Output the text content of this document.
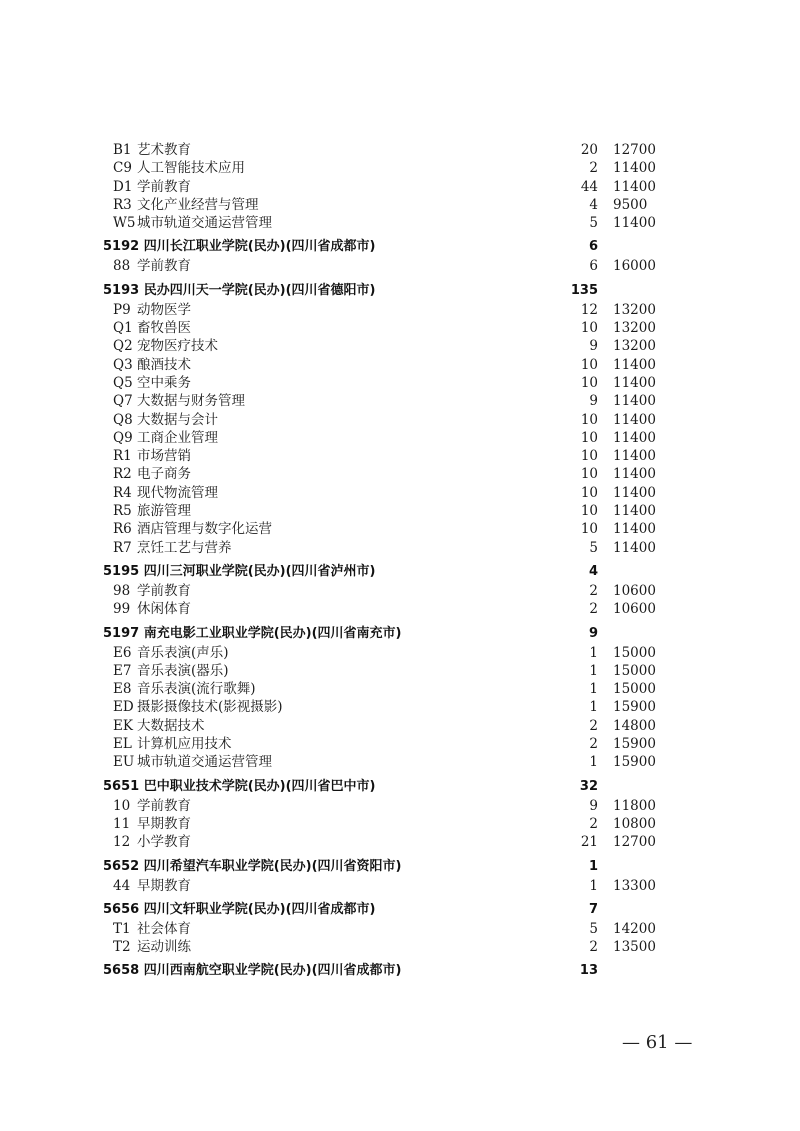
B1 艺术教育	20 12700
C9 人工智能技术应用	2 11400
D1 学前教育	44 11400
R3 文化产业经营与管理	4 9500
W5 城市轨道交通运营管理	5 11400
5192 四川长江职业学院(民办)(四川省成都市)	6
88 学前教育	6 16000
5193 民办四川天一学院(民办)(四川省德阳市)	135
P9 动物医学	12 13200
Q1 畜牧兽医	10 13200
Q2 宠物医疗技术	9 13200
Q3 酿酒技术	10 11400
Q5 空中乘务	10 11400
Q7 大数据与财务管理	9 11400
Q8 大数据与会计	10 11400
Q9 工商企业管理	10 11400
R1 市场营销	10 11400
R2 电子商务	10 11400
R4 现代物流管理	10 11400
R5 旅游管理	10 11400
R6 酒店管理与数字化运营	10 11400
R7 烹饪工艺与营养	5 11400
5195 四川三河职业学院(民办)(四川省泸州市)	4
98 学前教育	2 10600
99 休闲体育	2 10600
5197 南充电影工业职业学院(民办)(四川省南充市)	9
E6 音乐表演(声乐)	1 15000
E7 音乐表演(器乐)	1 15000
E8 音乐表演(流行歌舞)	1 15000
ED 摄影摄像技术(影视摄影)	1 15900
EK 大数据技术	2 14800
EL 计算机应用技术	2 15900
EU 城市轨道交通运营管理	1 15900
5651 巴中职业技术学院(民办)(四川省巴中市)	32
10 学前教育	9 11800
11 早期教育	2 10800
12 小学教育	21 12700
5652 四川希望汽车职业学院(民办)(四川省资阳市)	1
44 早期教育	1 13300
5656 四川文轩职业学院(民办)(四川省成都市)	7
T1 社会体育	5 14200
T2 运动训练	2 13500
5658 四川西南航空职业学院(民办)(四川省成都市)	13
— 61 —
